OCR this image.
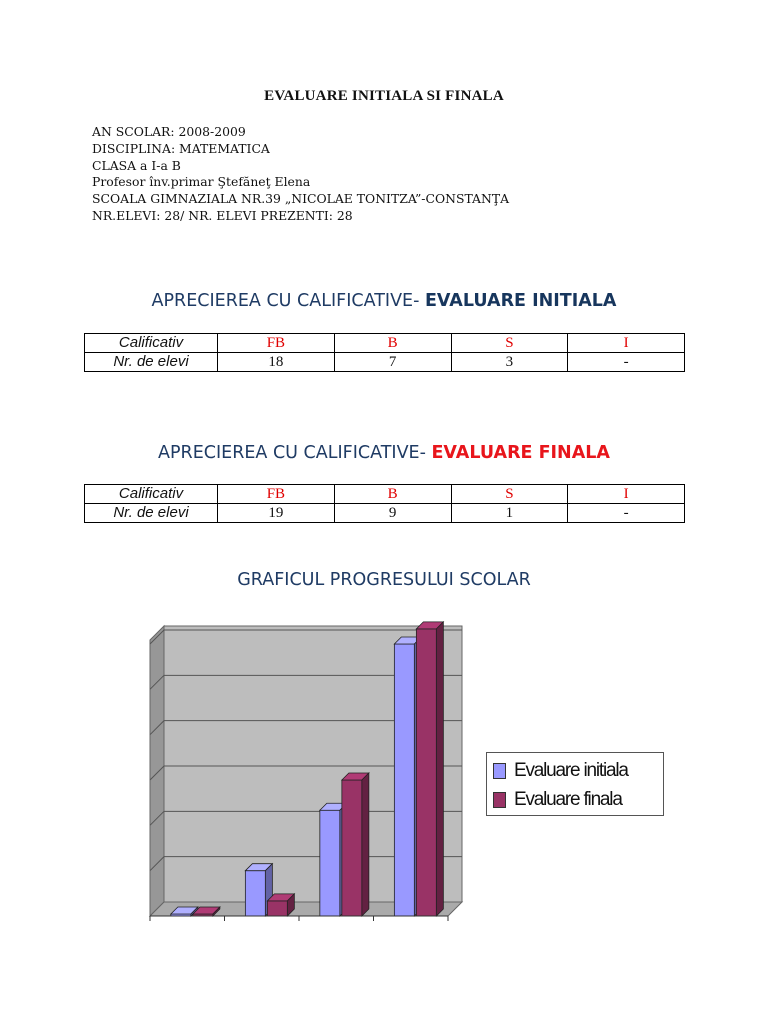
EVALUARE INITIALA SI FINALA
AN SCOLAR: 2008-2009
DISCIPLINA: MATEMATICA
CLASA a I-a B
Profesor înv.primar Ştefăneţ Elena
SCOALA GIMNAZIALA NR.39 „NICOLAE TONITZA”-CONSTANŢA
NR.ELEVI: 28/ NR. ELEVI PREZENTI: 28
APRECIEREA CU CALIFICATIVE- EVALUARE INITIALA
Calificativ	FB	B	S	I
Nr. de elevi	18	7	3	-
APRECIEREA CU CALIFICATIVE- EVALUARE FINALA
Calificativ	FB	B	S	I
Nr. de elevi	19	9	1	-
GRAFICUL PROGRESULUI SCOLAR
Evaluare initiala
Evaluare finala
